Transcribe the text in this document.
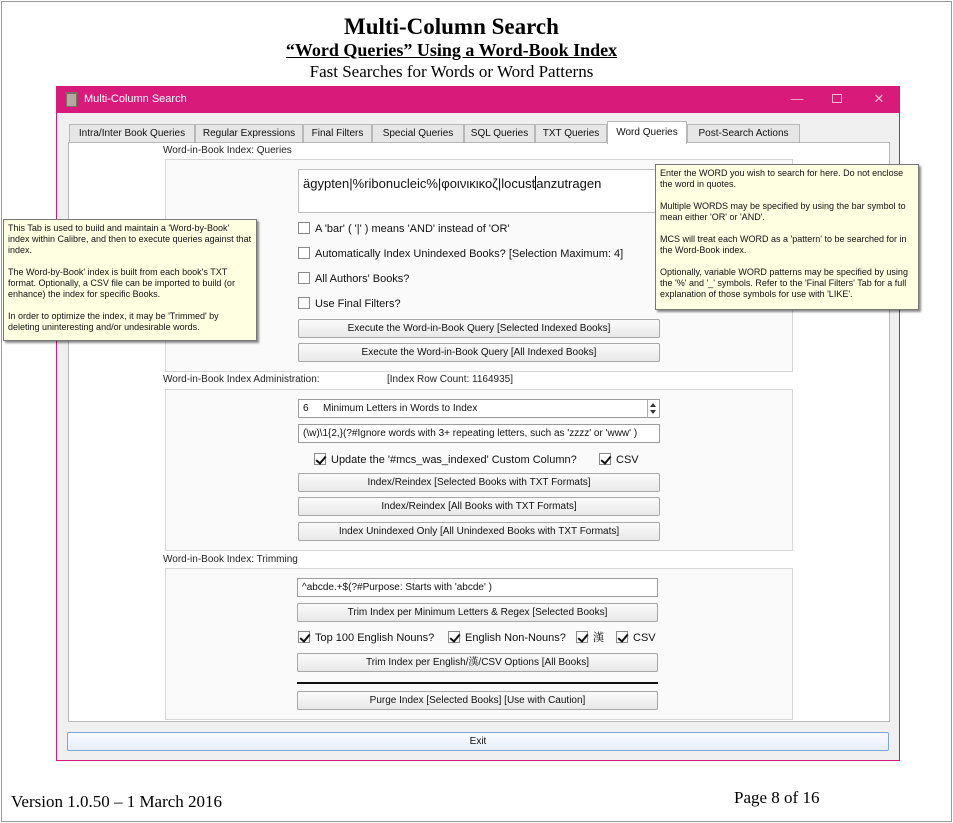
Multi-Column Search
“Word Queries” Using a Word-Book Index
Fast Searches for Words or Word Patterns
Multi-Column Search	—	✕
Intra/Inter Book Queries	Regular Expressions	Final Filters	Special Queries	SQL Queries	TXT Queries	Word Queries	Post-Search Actions
Word-in-Book Index: Queries
ägypten|%ribonucleic%|φοινικικοζ|locustanzutragen
A 'bar' ( '|' ) means 'AND' instead of 'OR'
Automatically Index Unindexed Books? [Selection Maximum: 4]
All Authors' Books?
Use Final Filters?
Execute the Word-in-Book Query [Selected Indexed Books]
Execute the Word-in-Book Query [All Indexed Books]
Word-in-Book Index Administration:	[Index Row Count: 1164935]
6 Minimum Letters in Words to Index
(\w)\1{2,}(?#Ignore words with 3+ repeating letters, such as 'zzzz' or 'www' )
Update the '#mcs_was_indexed' Custom Column?	CSV
Index/Reindex [Selected Books with TXT Formats]
Index/Reindex [All Books with TXT Formats]
Index Unindexed Only [All Unindexed Books with TXT Formats]
Word-in-Book Index: Trimming
^abcde.+$(?#Purpose: Starts with 'abcde' )
Trim Index per Minimum Letters & Regex [Selected Books]
Top 100 English Nouns?	English Non-Nouns?	漢	CSV
Trim Index per English/漢/CSV Options [All Books]
Purge Index [Selected Books] [Use with Caution]
Exit

This Tab is used to build and maintain a 'Word-by-Book' index within Calibre, and then to execute queries against that index.

The Word-by-Book' index is built from each book's TXT format. Optionally, a CSV file can be imported to build (or enhance) the index for specific Books.

In order to optimize the index, it may be 'Trimmed' by deleting uninteresting and/or undesirable words.

Enter the WORD you wish to search for here. Do not enclose the word in quotes.

Multiple WORDS may be specified by using the bar symbol to mean either 'OR' or 'AND'.

MCS will treat each WORD as a 'pattern' to be searched for in the Word-Book index.

Optionally, variable WORD patterns may be specified by using the '%' and '_' symbols. Refer to the 'Final Filters' Tab for a full explanation of those symbols for use with 'LIKE'.

Version 1.0.50 – 1 March 2016	Page 8 of 16
